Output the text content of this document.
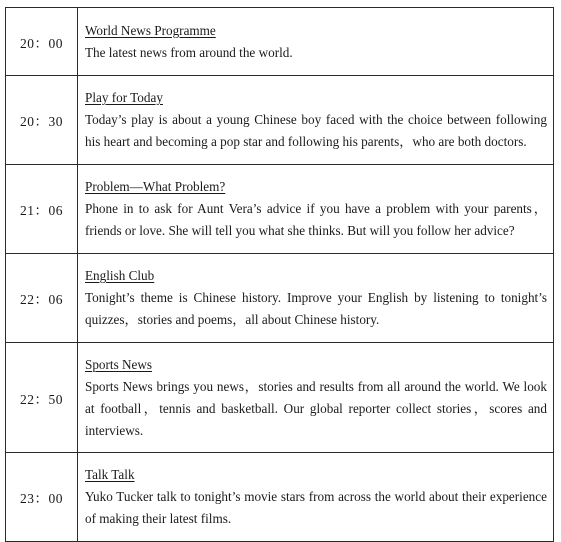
20：00	World News Programme
The latest news from around the world.

20：30	Play for Today
Today’s play is about a young Chinese boy faced with the choice between following his heart and becoming a pop star and following his parents，who are both doctors.

21：06	Problem—What Problem?
Phone in to ask for Aunt Vera’s advice if you have a problem with your parents，friends or love. She will tell you what she thinks. But will you follow her advice?

22：06	English Club
Tonight’s theme is Chinese history. Improve your English by listening to tonight’s quizzes，stories and poems，all about Chinese history.

22：50	Sports News
Sports News brings you news，stories and results from all around the world. We look at football，tennis and basketball. Our global reporter collect stories，scores and interviews.

23：00	Talk Talk
Yuko Tucker talk to tonight’s movie stars from across the world about their experience of making their latest films.
